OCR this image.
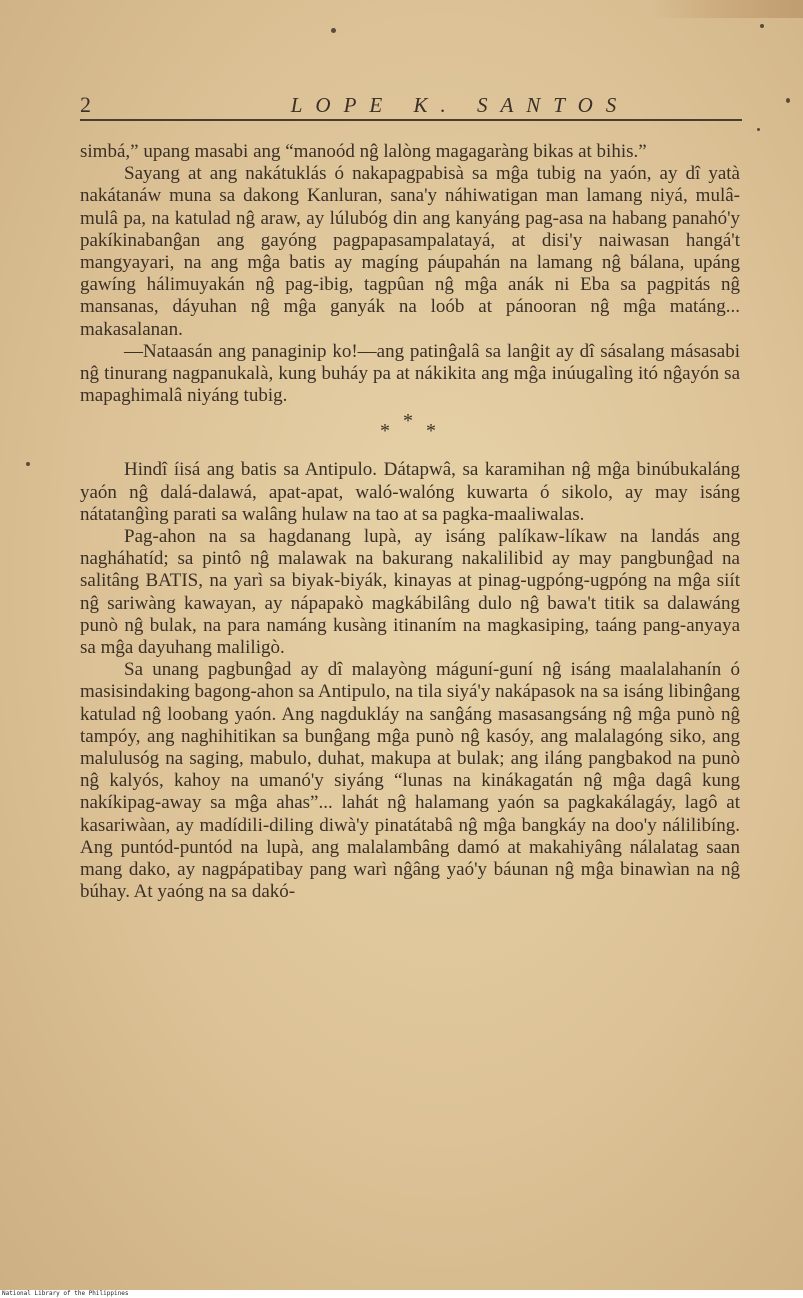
2	LOPE K. SANTOS

simbá,” upang masabi ang “manoód nĝ lalòng magagaràng bikas at bihis.”

Sayang at ang nakátuklás ó nakapagpabisà sa mĝa tubig na yaón, ay dî yatà nakátanáw muna sa dakong Kanluran, sana'y náhiwatigan man lamang niyá, mulâ-mulâ pa, na katulad nĝ araw, ay lúlubóg din ang kanyáng pag-asa na habang panahó'y pakíkinabanĝan ang gayóng pagpapasampalatayá, at disi'y naiwasan hangá't mangyayari, na ang mĝa batis ay magíng páupahán na lamang nĝ bálana, upáng gawíng hálimuyakán nĝ pag-ibig, tagpûan nĝ mĝa anák ni Eba sa pagpitás nĝ mansanas, dáyuhan nĝ mĝa ganyák na loób at pánooran nĝ mĝa matáng... makasalanan.

—Nataasán ang panaginip ko!—ang patinĝalâ sa lanĝit ay dî sásalang másasabi nĝ tinurang nagpanukalà, kung buháy pa at nákikita ang mĝa inúugalìng itó nĝayón sa mapaghimalâ niyáng tubig.

* * *

Hindî íisá ang batis sa Antipulo. Dátapwâ, sa karamihan nĝ mĝa binúbukaláng yaón nĝ dalá-dalawá, apat-apat, waló-walóng kuwarta ó sikolo, ay may isáng nátatanĝìng parati sa walâng hulaw na tao at sa pagka-maaliwalas.

Pag-ahon na sa hagdanang lupà, ay isáng palíkaw-líkaw na landás ang nagháhatíd; sa pintô nĝ malawak na bakurang nakalilibid ay may pangbunĝad na salitâng BATIS, na yarì sa biyak-biyák, kinayas at pinag-ugpóng-ugpóng na mĝa siít nĝ sariwàng kawayan, ay nápapakò magkábilâng dulo nĝ bawa't titik sa dalawáng punò nĝ bulak, na para namáng kusàng itinaním na magkasiping, taáng pang-anyaya sa mĝa dayuhang maliligò.

Sa unang pagbunĝad ay dî malayòng máguní-guní nĝ isáng maalalahanín ó masisindaking bagong-ahon sa Antipulo, na tila siyá'y nakápasok na sa isáng libinĝang katulad nĝ loobang yaón. Ang nagdukláy na sanĝáng masasangsáng nĝ mĝa punò nĝ tampóy, ang naghihitikan sa bunĝang mĝa punò nĝ kasóy, ang malalagóng siko, ang malulusóg na saging, mabulo, duhat, makupa at bulak; ang iláng pangbakod na punò nĝ kalyós, kahoy na umanó'y siyáng “lunas na kinákagatán nĝ mĝa dagâ kung nakíkipag-away sa mĝa ahas”... lahát nĝ halamang yaón sa pagkakálagáy, lagô at kasariwàan, ay madídili-diling diwà'y pinatátabâ nĝ mĝa bangkáy na doo'y nálilibíng. Ang puntód-puntód na lupà, ang malalambâng damó at makahiyâng nálalatag saan mang dako, ay nagpápatibay pang warì nĝâng yaó'y báunan nĝ mĝa binawìan na nĝ búhay. At yaóng na sa dakó-

National Library of the Philippines
